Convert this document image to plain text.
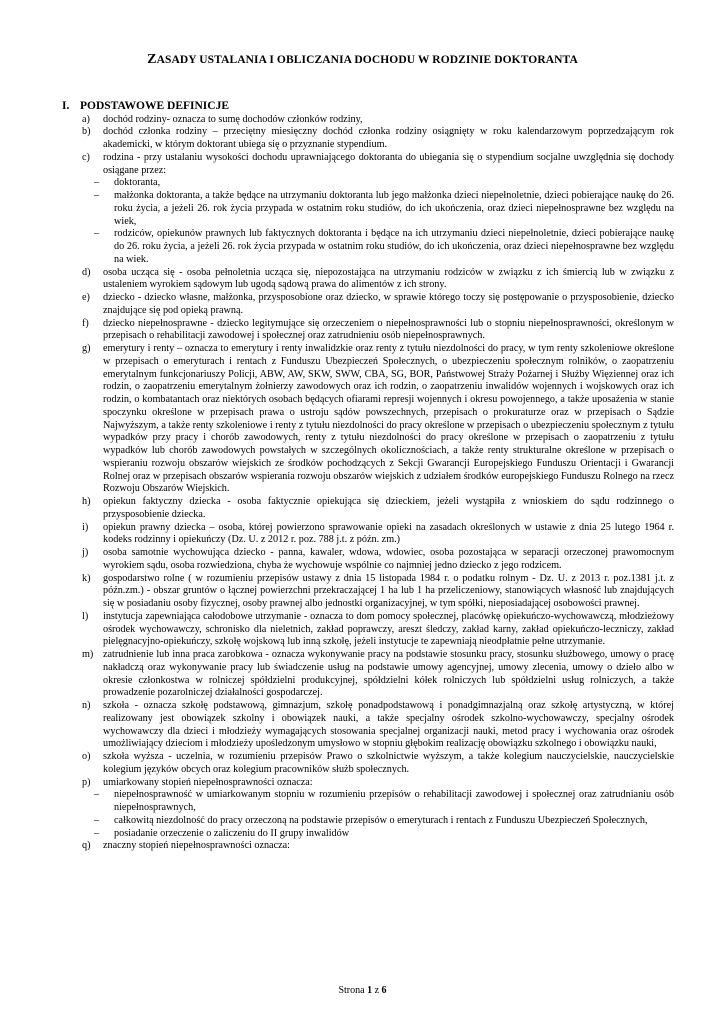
ZASADY USTALANIA I OBLICZANIA DOCHODU W RODZINIE DOKTORANTA
I. PODSTAWOWE DEFINICJE
a) dochód rodziny- oznacza to sumę dochodów członków rodziny,
b) dochód członka rodziny – przeciętny miesięczny dochód członka rodziny osiągnięty w roku kalendarzowym poprzedzającym rok akademicki, w którym doktorant ubiega się o przyznanie stypendium.
c) rodzina - przy ustalaniu wysokości dochodu uprawniającego doktoranta do ubiegania się o stypendium socjalne uwzględnia się dochody osiągane przez:
– doktoranta,
– małżonka doktoranta, a także będące na utrzymaniu doktoranta lub jego małżonka dzieci niepełnoletnie, dzieci pobierające naukę do 26. roku życia, a jeżeli 26. rok życia przypada w ostatnim roku studiów, do ich ukończenia, oraz dzieci niepełnosprawne bez względu na wiek,
– rodziców, opiekunów prawnych lub faktycznych doktoranta i będące na ich utrzymaniu dzieci niepełnoletnie, dzieci pobierające naukę do 26. roku życia, a jeżeli 26. rok życia przypada w ostatnim roku studiów, do ich ukończenia, oraz dzieci niepełnosprawne bez względu na wiek.
d) osoba ucząca się - osoba pełnoletnia ucząca się, niepozostająca na utrzymaniu rodziców w związku z ich śmiercią lub w związku z ustaleniem wyrokiem sądowym lub ugodą sądową prawa do alimentów z ich strony.
e) dziecko - dziecko własne, małżonka, przysposobione oraz dziecko, w sprawie którego toczy się postępowanie o przysposobienie, dziecko znajdujące się pod opieką prawną.
f) dziecko niepełnosprawne - dziecko legitymujące się orzeczeniem o niepełnosprawności lub o stopniu niepełnosprawności, określonym w przepisach o rehabilitacji zawodowej i społecznej oraz zatrudnieniu osób niepełnosprawnych.
g) emerytury i renty – oznacza to emerytury i renty inwalidzkie oraz renty z tytułu niezdolności do pracy, w tym renty szkoleniowe określone w przepisach o emeryturach i rentach z Funduszu Ubezpieczeń Społecznych, o ubezpieczeniu społecznym rolników, o zaopatrzeniu emerytalnym funkcjonariuszy Policji, ABW, AW, SKW, SWW, CBA, SG, BOR, Państwowej Straży Pożarnej i Służby Więziennej oraz ich rodzin, o zaopatrzeniu emerytalnym żołnierzy zawodowych oraz ich rodzin, o zaopatrzeniu inwalidów wojennych i wojskowych oraz ich rodzin, o kombatantach oraz niektórych osobach będących ofiarami represji wojennych i okresu powojennego, a także uposażenia w stanie spoczynku określone w przepisach prawa o ustroju sądów powszechnych, przepisach o prokuraturze oraz w przepisach o Sądzie Najwyższym, a także renty szkoleniowe i renty z tytułu niezdolności do pracy określone w przepisach o ubezpieczeniu społecznym z tytułu wypadków przy pracy i chorób zawodowych, renty z tytułu niezdolności do pracy określone w przepisach o zaopatrzeniu z tytułu wypadków lub chorób zawodowych powstałych w szczególnych okolicznościach, a także renty strukturalne określone w przepisach o wspieraniu rozwoju obszarów wiejskich ze środków pochodzących z Sekcji Gwarancji Europejskiego Funduszu Orientacji i Gwarancji Rolnej oraz w przepisach obszarów wspierania rozwoju obszarów wiejskich z udziałem środków europejskiego Funduszu Rolnego na rzecz Rozwoju Obszarów Wiejskich.
h) opiekun faktyczny dziecka - osoba faktycznie opiekująca się dzieckiem, jeżeli wystąpiła z wnioskiem do sądu rodzinnego o przysposobienie dziecka.
i) opiekun prawny dziecka – osoba, której powierzono sprawowanie opieki na zasadach określonych w ustawie z dnia 25 lutego 1964 r. kodeks rodzinny i opiekuńczy (Dz. U. z 2012 r. poz. 788 j.t. z późn. zm.)
j) osoba samotnie wychowująca dziecko - panna, kawaler, wdowa, wdowiec, osoba pozostająca w separacji orzeczonej prawomocnym wyrokiem sądu, osoba rozwiedziona, chyba że wychowuje wspólnie co najmniej jedno dziecko z jego rodzicem.
k) gospodarstwo rolne ( w rozumieniu przepisów ustawy z dnia 15 listopada 1984 r. o podatku rolnym - Dz. U. z 2013 r. poz.1381 j.t. z późn.zm.) - obszar gruntów o łącznej powierzchni przekraczającej 1 ha lub 1 ha przeliczeniowy, stanowiących własność lub znajdujących się w posiadaniu osoby fizycznej, osoby prawnej albo jednostki organizacyjnej, w tym spółki, nieposiadającej osobowości prawnej.
l) instytucja zapewniająca całodobowe utrzymanie - oznacza to dom pomocy społecznej, placówkę opiekuńczo-wychowawczą, młodzieżowy ośrodek wychowawczy, schronisko dla nieletnich, zakład poprawczy, areszt śledczy, zakład karny, zakład opiekuńczo-leczniczy, zakład pielęgnacyjno-opiekuńczy, szkołę wojskową lub inną szkołę, jeżeli instytucje te zapewniają nieodpłatnie pełne utrzymanie.
m) zatrudnienie lub inna praca zarobkowa - oznacza wykonywanie pracy na podstawie stosunku pracy, stosunku służbowego, umowy o pracę nakładczą oraz wykonywanie pracy lub świadczenie usług na podstawie umowy agencyjnej, umowy zlecenia, umowy o dzieło albo w okresie członkostwa w rolniczej spółdzielni produkcyjnej, spółdzielni kółek rolniczych lub spółdzielni usług rolniczych, a także prowadzenie pozarolniczej działalności gospodarczej.
n) szkoła - oznacza szkołę podstawową, gimnazjum, szkołę ponadpodstawową i ponadgimnazjalną oraz szkołę artystyczną, w której realizowany jest obowiązek szkolny i obowiązek nauki, a także specjalny ośrodek szkolno-wychowawczy, specjalny ośrodek wychowawczy dla dzieci i młodzieży wymagających stosowania specjalnej organizacji nauki, metod pracy i wychowania oraz ośrodek umożliwiający dzieciom i młodzieży upośledzonym umysłowo w stopniu głębokim realizację obowiązku szkolnego i obowiązku nauki,
o) szkoła wyższa - uczelnia, w rozumieniu przepisów Prawo o szkolnictwie wyższym, a także kolegium nauczycielskie, nauczycielskie kolegium języków obcych oraz kolegium pracowników służb społecznych.
p) umiarkowany stopień niepełnosprawności oznacza:
– niepełnosprawność w umiarkowanym stopniu w rozumieniu przepisów o rehabilitacji zawodowej i społecznej oraz zatrudnianiu osób niepełnosprawnych,
– całkowitą niezdolność do pracy orzeczoną na podstawie przepisów o emeryturach i rentach z Funduszu Ubezpieczeń Społecznych,
– posiadanie orzeczenie o zaliczeniu do II grupy inwalidów
q) znaczny stopień niepełnosprawności oznacza:
Strona 1 z 6
